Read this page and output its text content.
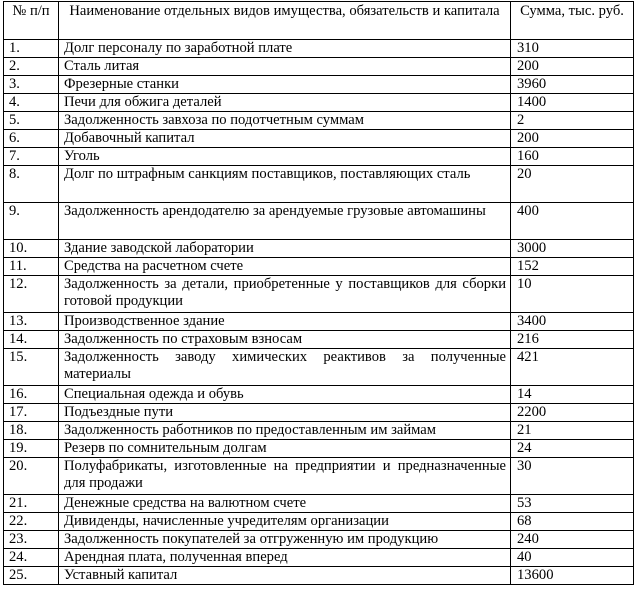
№ п/п	Наименование отдельных видов имущества, обязательств и капитала	Сумма, тыс. руб.
1.	Долг персоналу по заработной плате	310
2.	Сталь литая	200
3.	Фрезерные станки	3960
4.	Печи для обжига деталей	1400
5.	Задолженность завхоза по подотчетным суммам	2
6.	Добавочный капитал	200
7.	Уголь	160
8.	Долг по штрафным санкциям поставщиков, поставляющих сталь	20
9.	Задолженность арендодателю за арендуемые грузовые автомашины	400
10.	Здание заводской лаборатории	3000
11.	Средства на расчетном счете	152
12.	Задолженность за детали, приобретенные у поставщиков для сборки готовой продукции	10
13.	Производственное здание	3400
14.	Задолженность по страховым взносам	216
15.	Задолженность заводу химических реактивов за полученные материалы	421
16.	Специальная одежда и обувь	14
17.	Подъездные пути	2200
18.	Задолженность работников по предоставленным им займам	21
19.	Резерв по сомнительным долгам	24
20.	Полуфабрикаты, изготовленные на предприятии и предназначенные для продажи	30
21.	Денежные средства на валютном счете	53
22.	Дивиденды, начисленные учредителям организации	68
23.	Задолженность покупателей за отгруженную им продукцию	240
24.	Арендная плата, полученная вперед	40
25.	Уставный капитал	13600
